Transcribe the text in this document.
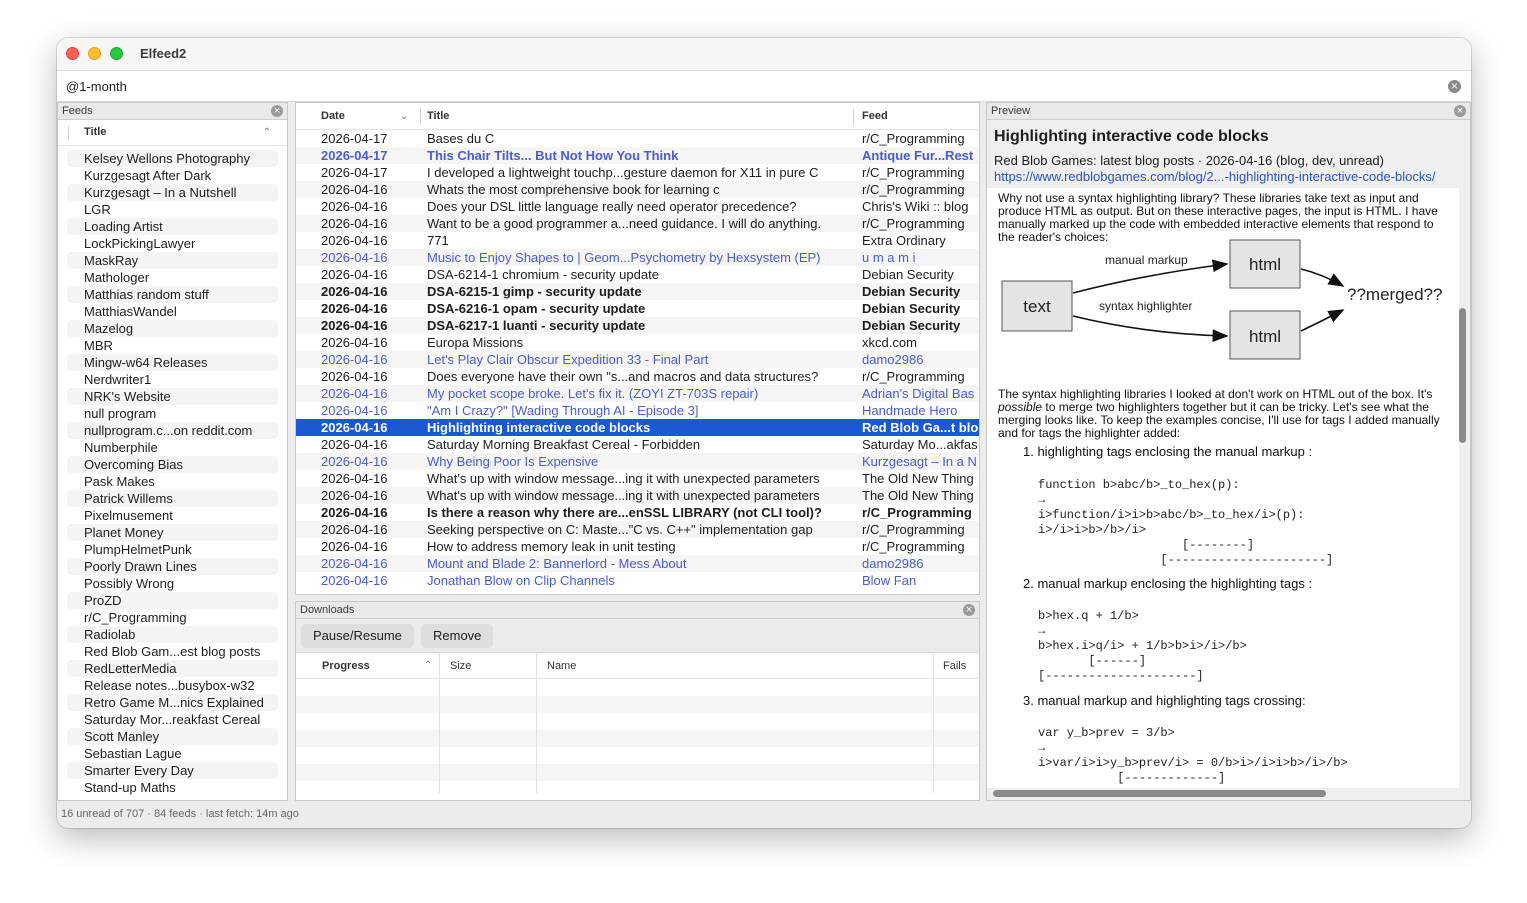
Elfeed2
@1-month	×
Feeds	×
Title	⌃
Kelsey Wellons Photography
Kurzgesagt After Dark
Kurzgesagt – In a Nutshell
LGR
Loading Artist
LockPickingLawyer
MaskRay
Mathologer
Matthias random stuff
MatthiasWandel
Mazelog
MBR
Mingw-w64 Releases
Nerdwriter1
NRK's Website
null program
nullprogram.c...on reddit.com
Numberphile
Overcoming Bias
Pask Makes
Patrick Willems
Pixelmusement
Planet Money
PlumpHelmetPunk
Poorly Drawn Lines
Possibly Wrong
ProZD
r/C_Programming
Radiolab
Red Blob Gam...est blog posts
RedLetterMedia
Release notes...busybox-w32
Retro Game M...nics Explained
Saturday Mor...reakfast Cereal
Scott Manley
Sebastian Lague
Smarter Every Day
Stand-up Maths
Date	⌄ Title	Feed
2026-04-17	Bases du C	r/C_Programming
2026-04-17	This Chair Tilts... But Not How You Think	Antique Fur...Rest
2026-04-17	I developed a lightweight touchp...gesture daemon for X11 in pure C	r/C_Programming
2026-04-16	Whats the most comprehensive book for learning c	r/C_Programming
2026-04-16	Does your DSL little language really need operator precedence?	Chris's Wiki :: blog
2026-04-16	Want to be a good programmer a...need guidance. I will do anything.	r/C_Programming
2026-04-16	771	Extra Ordinary
2026-04-16	Music to Enjoy Shapes to | Geom...Psychometry by Hexsystem (EP)	u m a m i
2026-04-16	DSA-6214-1 chromium - security update	Debian Security
2026-04-16	DSA-6215-1 gimp - security update	Debian Security
2026-04-16	DSA-6216-1 opam - security update	Debian Security
2026-04-16	DSA-6217-1 luanti - security update	Debian Security
2026-04-16	Europa Missions	xkcd.com
2026-04-16	Let's Play Clair Obscur Expedition 33 - Final Part	damo2986
2026-04-16	Does everyone have their own "s...and macros and data structures?	r/C_Programming
2026-04-16	My pocket scope broke. Let's fix it. (ZOYI ZT-703S repair)	Adrian's Digital Bas
2026-04-16	"Am I Crazy?" [Wading Through AI - Episode 3]	Handmade Hero
2026-04-16	Highlighting interactive code blocks	Red Blob Ga...t blo
2026-04-16	Saturday Morning Breakfast Cereal - Forbidden	Saturday Mo...akfas
2026-04-16	Why Being Poor Is Expensive	Kurzgesagt – In a N
2026-04-16	What's up with window message...ing it with unexpected parameters	The Old New Thing
2026-04-16	What's up with window message...ing it with unexpected parameters	The Old New Thing
2026-04-16	Is there a reason why there are...enSSL LIBRARY (not CLI tool)?	r/C_Programming
2026-04-16	Seeking perspective on C: Maste..."C vs. C++" implementation gap	r/C_Programming
2026-04-16	How to address memory leak in unit testing	r/C_Programming
2026-04-16	Mount and Blade 2: Bannerlord - Mess About	damo2986
2026-04-16	Jonathan Blow on Clip Channels	Blow Fan
Downloads	×
Pause/Resume	Remove
Progress	⌃ Size	Name	Fails
Preview	×
Highlighting interactive code blocks
Red Blob Games: latest blog posts · 2026-04-16 (blog, dev, unread)
https://www.redblobgames.com/blog/2...-highlighting-interactive-code-blocks/
Why not use a syntax highlighting library? These libraries take text as input and produce HTML as output. But on these interactive pages, the input is HTML. I have manually marked up the code with embedded interactive elements that respond to the reader's choices:
text
html
html
??merged??
manual markup
syntax highlighter
The syntax highlighting libraries I looked at don't work on HTML out of the box. It's possible to merge two highlighters together but it can be tricky. Let's see what the merging looks like. To keep the examples concise, I'll use for tags I added manually and for tags the highlighter added:
1. highlighting tags enclosing the manual markup :
function b>abc/b>_to_hex(p):
→
i>function/i>i>b>abc/b>_to_hex/i>(p):
i>/i>i>b>/b>/i>
[--------]
[----------------------]
2. manual markup enclosing the highlighting tags :
b>hex.q + 1/b>
→
b>hex.i>q/i> + 1/b>b>i>/i>/b>
[------]
[---------------------]
3. manual markup and highlighting tags crossing:
var y_b>prev = 3/b>
→
i>var/i>i>y_b>prev/i> = 0/b>i>/i>i>b>/i>/b>
[-------------]
16 unread of 707 · 84 feeds · last fetch: 14m ago
